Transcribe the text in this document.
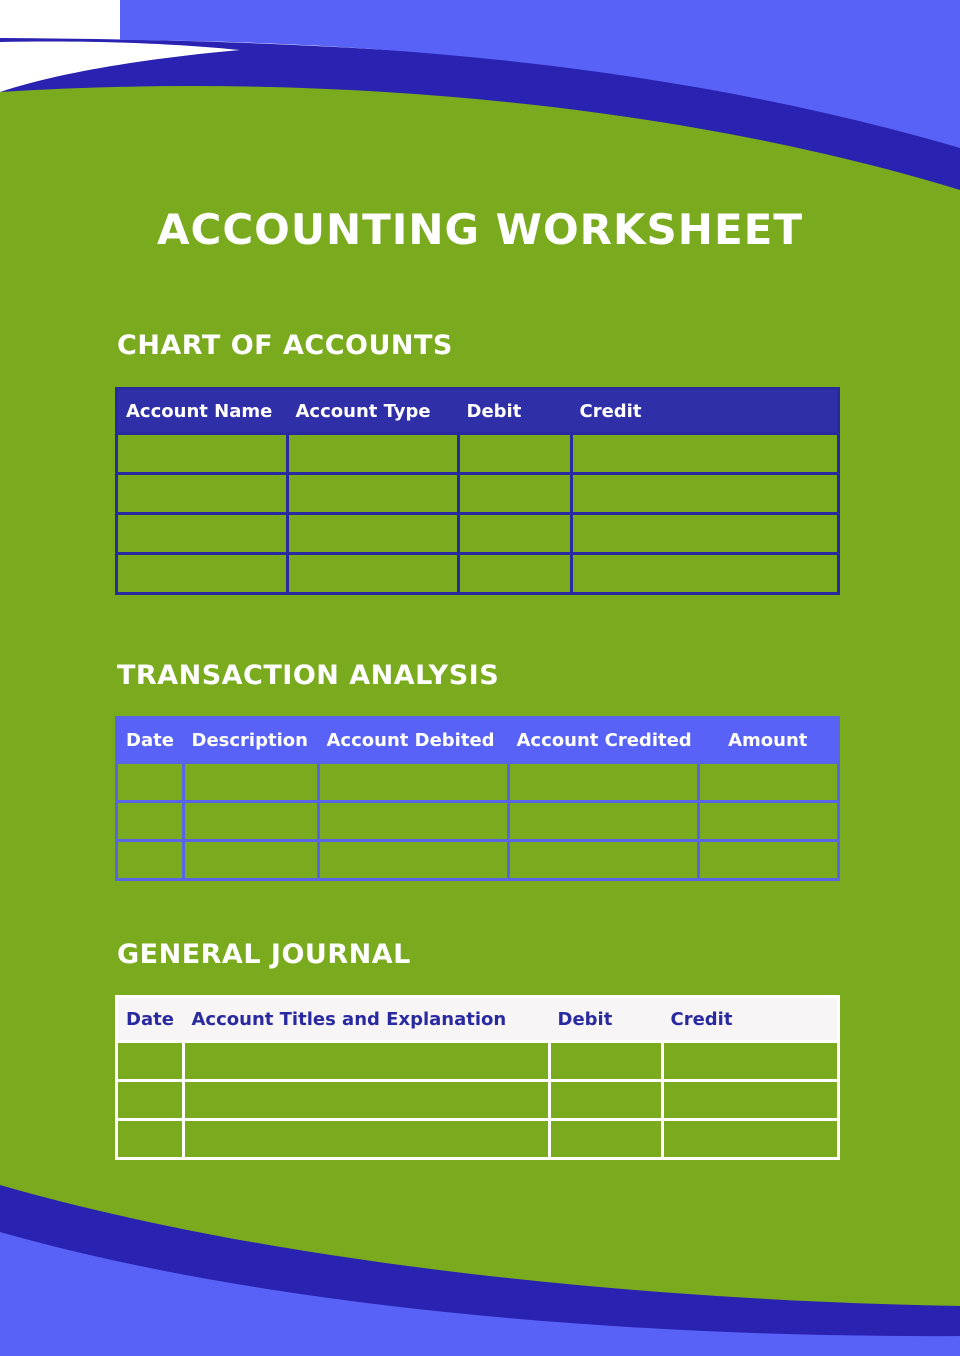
ACCOUNTING WORKSHEET
CHART OF ACCOUNTS
Account Name	Account Type	Debit	Credit

TRANSACTION ANALYSIS
Date	Description	Account Debited	Account Credited	Amount

GENERAL JOURNAL
Date	Account Titles and Explanation	Debit	Credit
